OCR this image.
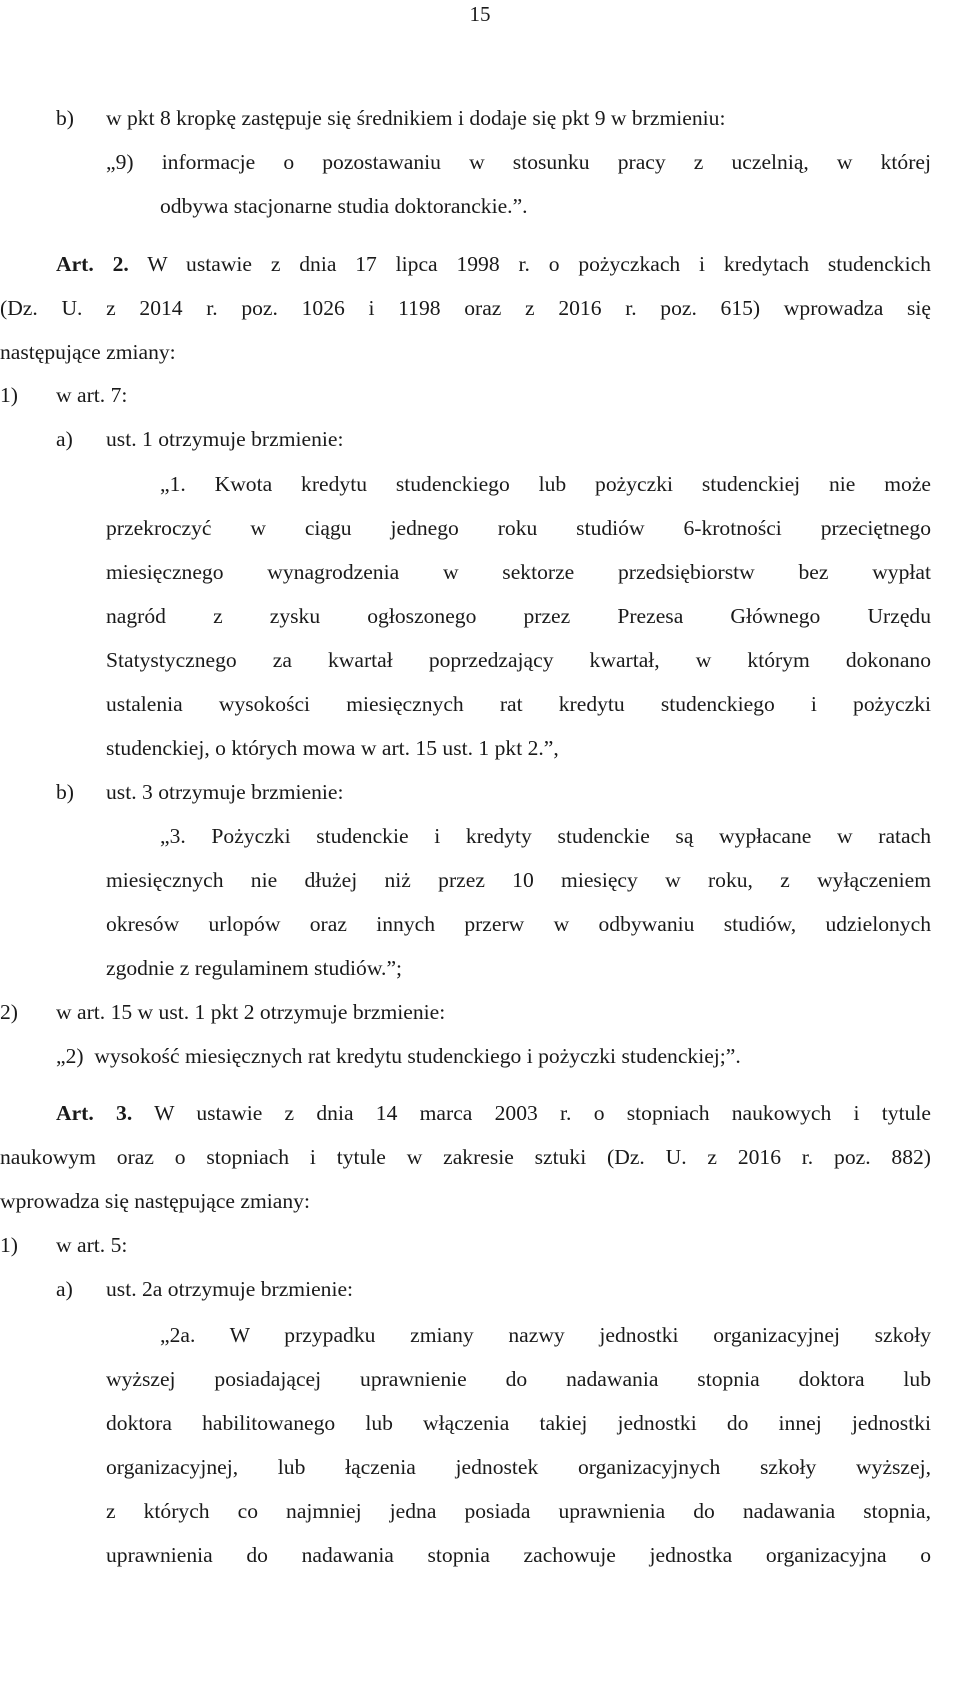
15
b) w pkt 8 kropkę zastępuje się średnikiem i dodaje się pkt 9 w brzmieniu:
„9)  informacje  o  pozostawaniu  w  stosunku  pracy  z  uczelnią,  w  której
odbywa stacjonarne studia doktoranckie.”.
Art. 2. W ustawie z dnia 17 lipca 1998 r. o pożyczkach i kredytach studenckich
(Dz. U. z 2014 r. poz. 1026 i 1198 oraz z 2016 r. poz. 615) wprowadza się
następujące zmiany:
1) w art. 7:
a) ust. 1 otrzymuje brzmienie:
„1. Kwota kredytu studenckiego lub pożyczki studenckiej nie może
przekroczyć w ciągu jednego roku studiów 6-krotności przeciętnego
miesięcznego wynagrodzenia w sektorze przedsiębiorstw bez wypłat
nagród z zysku ogłoszonego przez Prezesa Głównego Urzędu
Statystycznego za kwartał poprzedzający kwartał, w którym dokonano
ustalenia wysokości miesięcznych rat kredytu studenckiego i pożyczki
studenckiej, o których mowa w art. 15 ust. 1 pkt 2.”,
b) ust. 3 otrzymuje brzmienie:
„3. Pożyczki studenckie i kredyty studenckie są wypłacane w ratach
miesięcznych nie dłużej niż przez 10 miesięcy w roku, z wyłączeniem
okresów urlopów oraz innych przerw w odbywaniu studiów, udzielonych
zgodnie z regulaminem studiów.”;
2) w art. 15 w ust. 1 pkt 2 otrzymuje brzmienie:
„2)  wysokość miesięcznych rat kredytu studenckiego i pożyczki studenckiej;”.
Art. 3. W ustawie z dnia 14 marca 2003 r. o stopniach naukowych i tytule
naukowym oraz o stopniach i tytule w zakresie sztuki (Dz. U. z 2016 r. poz. 882)
wprowadza się następujące zmiany:
1) w art. 5:
a) ust. 2a otrzymuje brzmienie:
„2a. W przypadku zmiany nazwy jednostki organizacyjnej szkoły
wyższej posiadającej uprawnienie do nadawania stopnia doktora lub
doktora habilitowanego lub włączenia takiej jednostki do innej jednostki
organizacyjnej, lub łączenia jednostek organizacyjnych szkoły wyższej,
z których co najmniej jedna posiada uprawnienia do nadawania stopnia,
uprawnienia do nadawania stopnia zachowuje jednostka organizacyjna o
